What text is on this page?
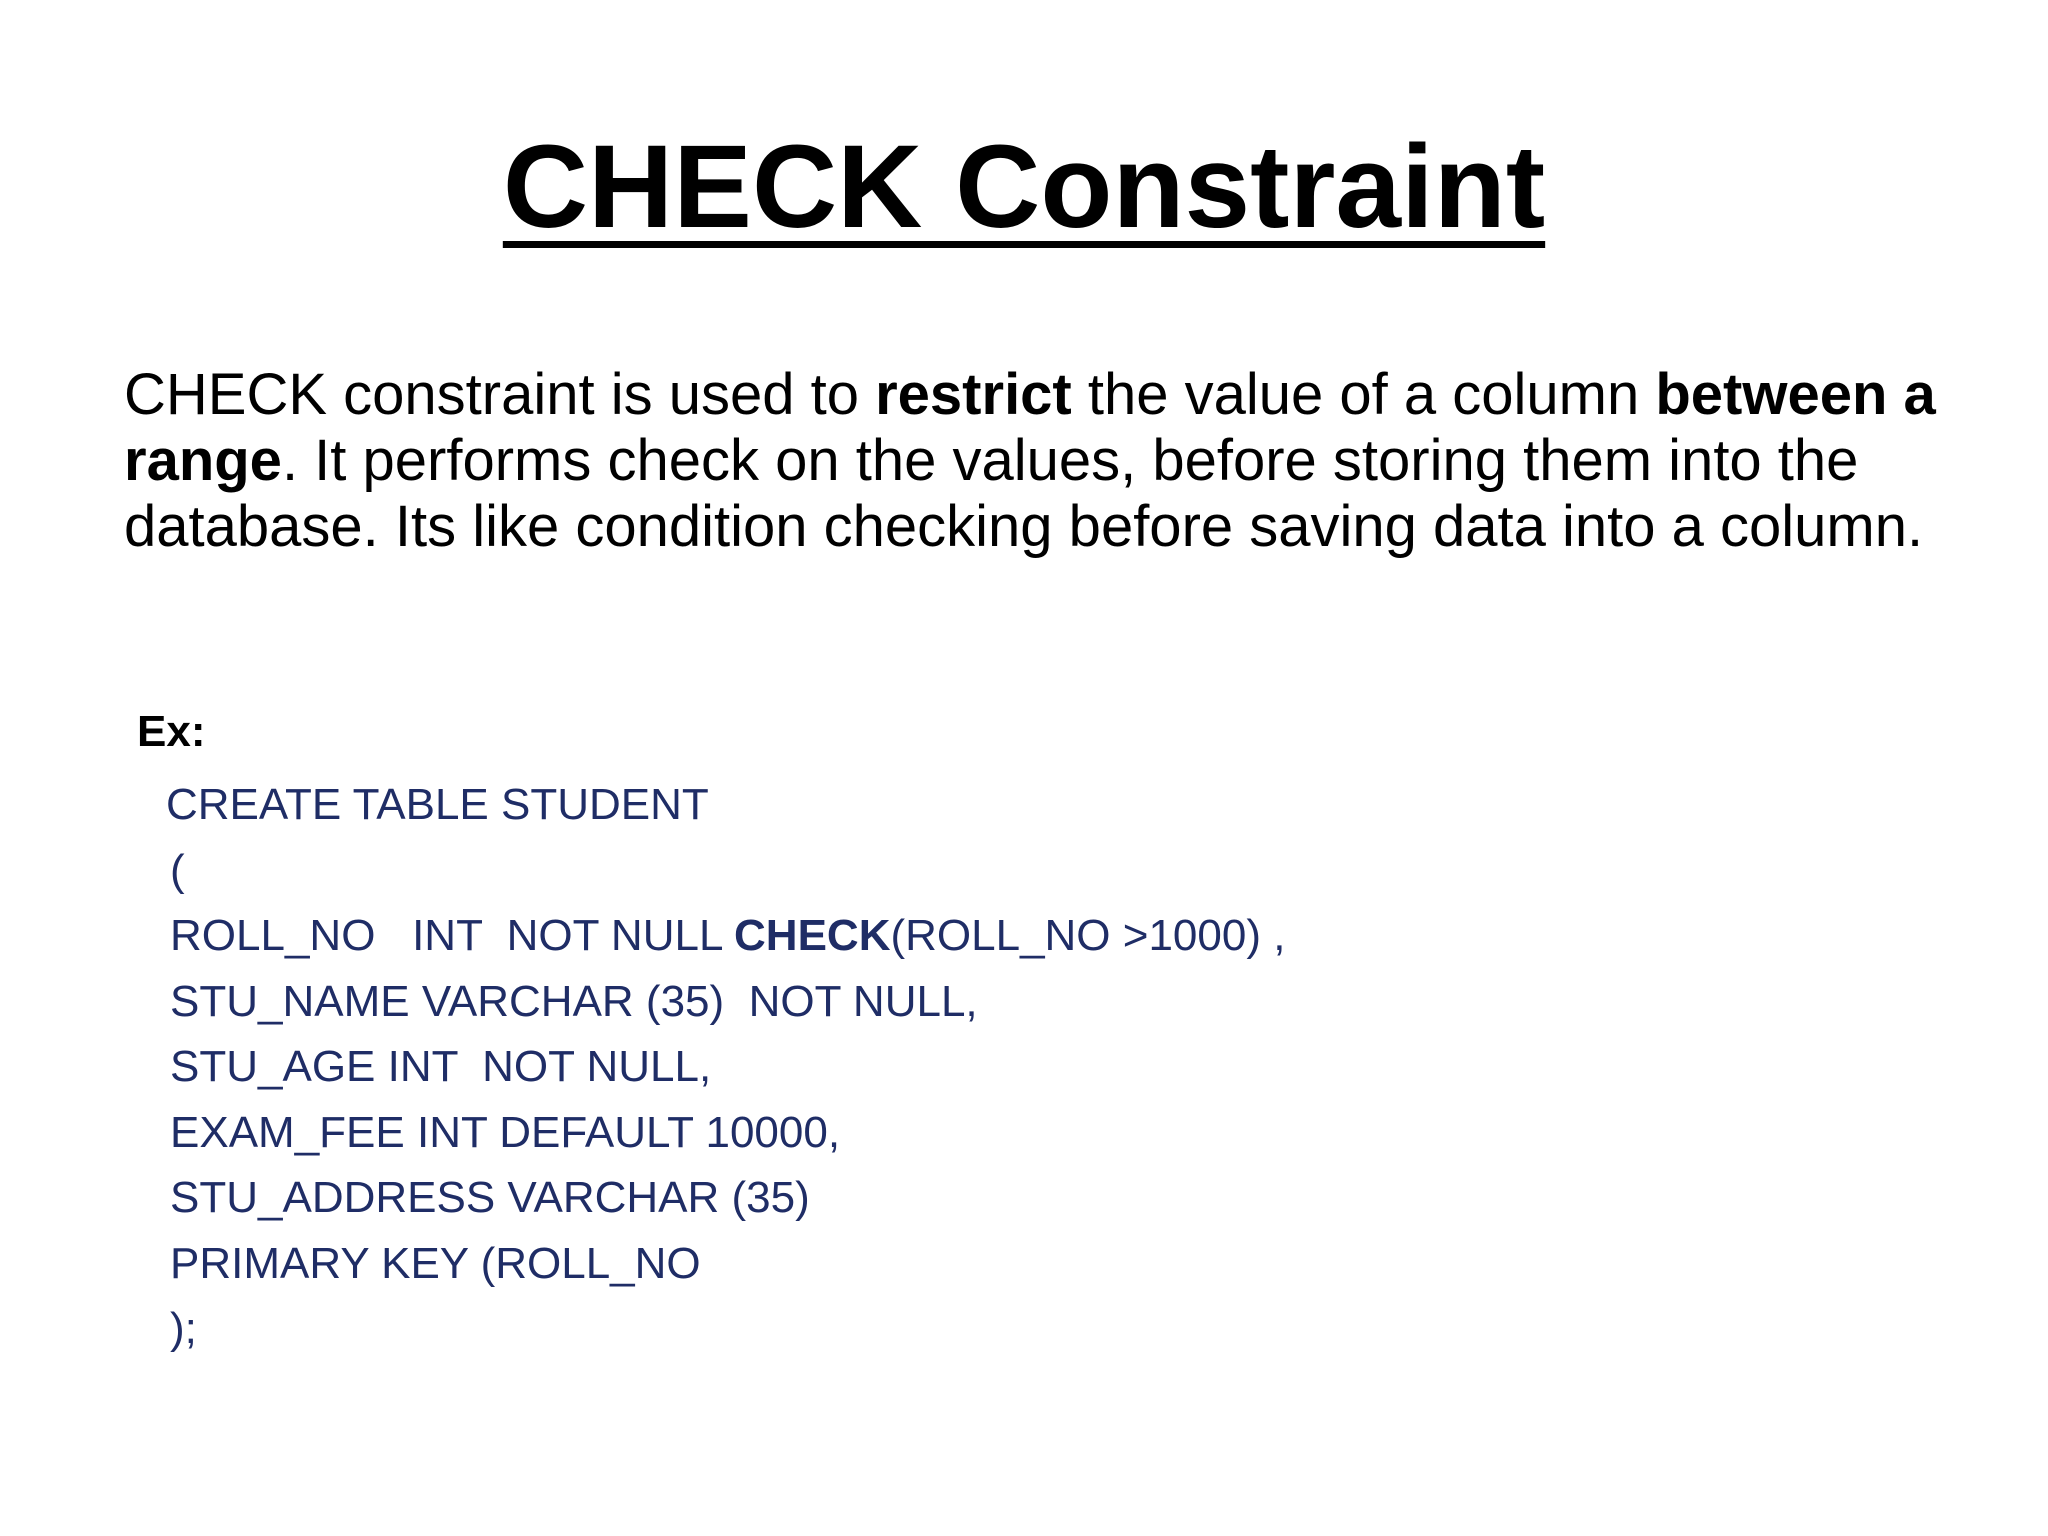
CHECK Constraint

CHECK constraint is used to restrict the value of a column between a range. It performs check on the values, before storing them into the database. Its like condition checking before saving data into a column.

Ex:
CREATE TABLE STUDENT
(
ROLL_NO   INT  NOT NULL CHECK(ROLL_NO >1000) ,
STU_NAME VARCHAR (35)  NOT NULL,
STU_AGE INT  NOT NULL,
EXAM_FEE INT DEFAULT 10000,
STU_ADDRESS VARCHAR (35)
PRIMARY KEY (ROLL_NO
);
